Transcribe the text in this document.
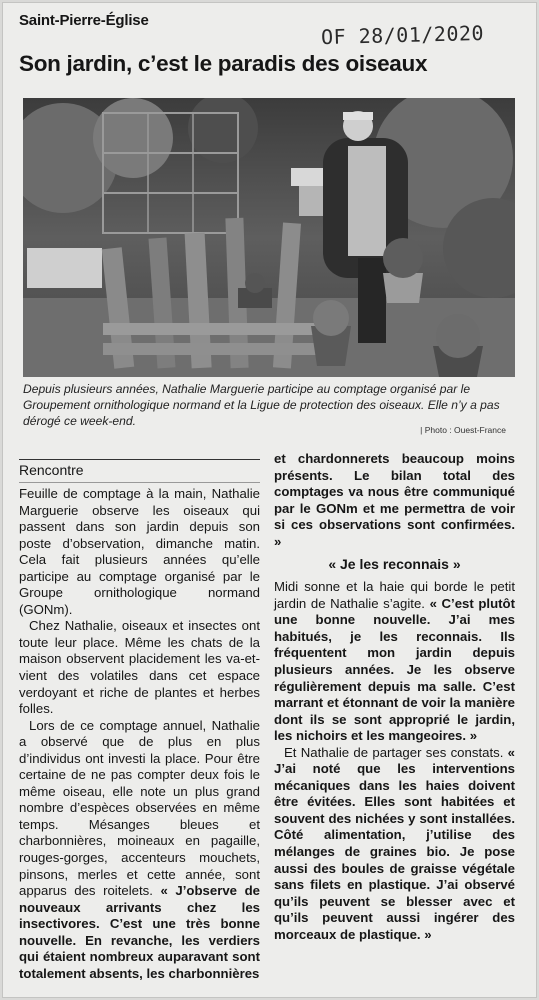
Saint-Pierre-Église
OF 28/01/2020
Son jardin, c’est le paradis des oiseaux
Depuis plusieurs années, Nathalie Marguerie participe au comptage organisé par le Groupement ornithologique normand et la Ligue de protection des oiseaux. Elle n’y a pas dérogé ce week-end.
| Photo : Ouest-France
Rencontre

Feuille de comptage à la main, Nathalie Marguerie observe les oiseaux qui passent dans son jardin depuis son poste d’observation, dimanche matin. Cela fait plusieurs années qu’elle participe au comptage organisé par le Groupe ornithologique normand (GONm).

Chez Nathalie, oiseaux et insectes ont toute leur place. Même les chats de la maison observent placidement les va-et-vient des volatiles dans cet espace verdoyant et riche de plantes et herbes folles.

Lors de ce comptage annuel, Nathalie a observé que de plus en plus d’individus ont investi la place. Pour être certaine de ne pas compter deux fois le même oiseau, elle note un plus grand nombre d’espèces observées en même temps. Mésanges bleues et charbonnières, moineaux en pagaille, rouges-gorges, accenteurs mouchets, pinsons, merles et cette année, sont apparus des roitelets. « J’observe de nouveaux arrivants chez les insectivores. C’est une très bonne nouvelle. En revanche, les verdiers qui étaient nombreux auparavant sont totalement absents, les charbonnières

et chardonnerets beaucoup moins présents. Le bilan total des comptages va nous être communiqué par le GONm et me permettra de voir si ces observations sont confirmées. »

« Je les reconnais »

Midi sonne et la haie qui borde le petit jardin de Nathalie s’agite. « C’est plutôt une bonne nouvelle. J’ai mes habitués, je les reconnais. Ils fréquentent mon jardin depuis plusieurs années. Je les observe régulièrement depuis ma salle. C’est marrant et étonnant de voir la manière dont ils se sont approprié le jardin, les nichoirs et les mangeoires. »

Et Nathalie de partager ses constats. « J’ai noté que les interventions mécaniques dans les haies doivent être évitées. Elles sont habitées et souvent des nichées y sont installées. Côté alimentation, j’utilise des mélanges de graines bio. Je pose aussi des boules de graisse végétale sans filets en plastique. J’ai observé qu’ils peuvent se blesser avec et qu’ils peuvent aussi ingérer des morceaux de plastique. »
